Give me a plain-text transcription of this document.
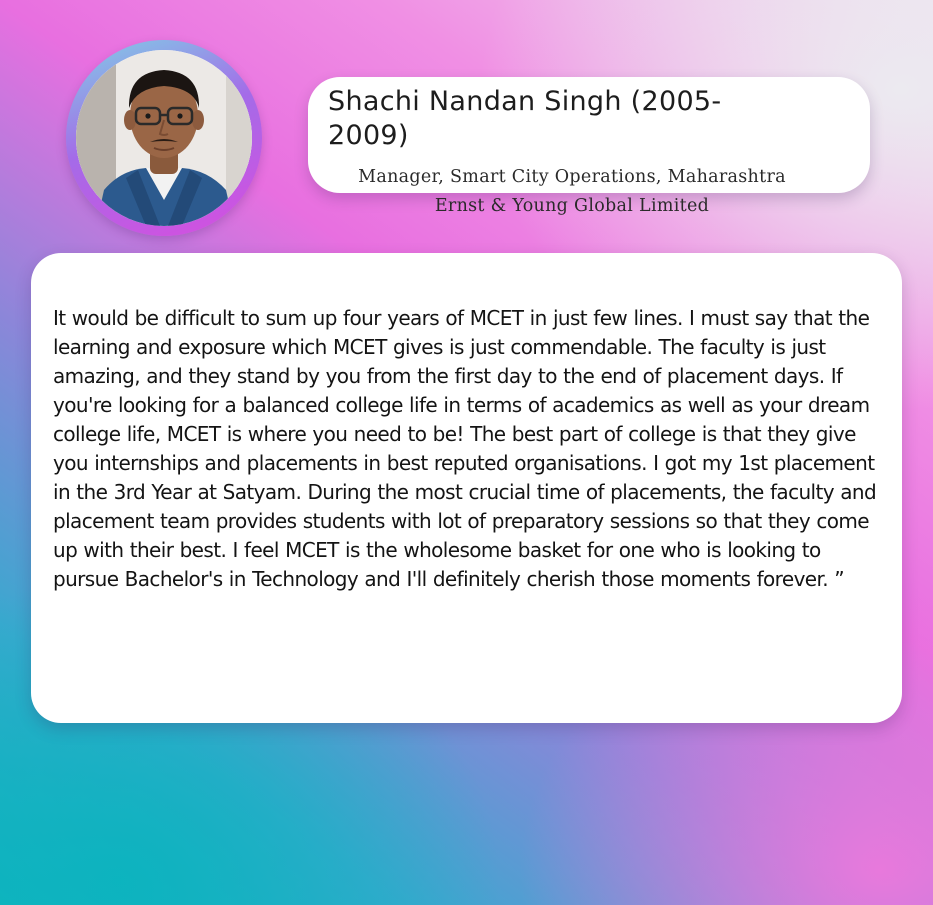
Shachi Nandan Singh (2005-2009)

Manager, Smart City Operations, Maharashtra

Ernst & Young Global Limited

It would be difficult to sum up four years of MCET in just few lines. I must say that the learning and exposure which MCET gives is just commendable. The faculty is just amazing, and they stand by you from the first day to the end of placement days. If you're looking for a balanced college life in terms of academics as well as your dream college life, MCET is where you need to be! The best part of college is that they give you internships and placements in best reputed organisations. I got my 1st placement in the 3rd Year at Satyam. During the most crucial time of placements, the faculty and placement team provides students with lot of preparatory sessions so that they come up with their best. I feel MCET is the wholesome basket for one who is looking to pursue Bachelor's in Technology and I'll definitely cherish those moments forever. ”
